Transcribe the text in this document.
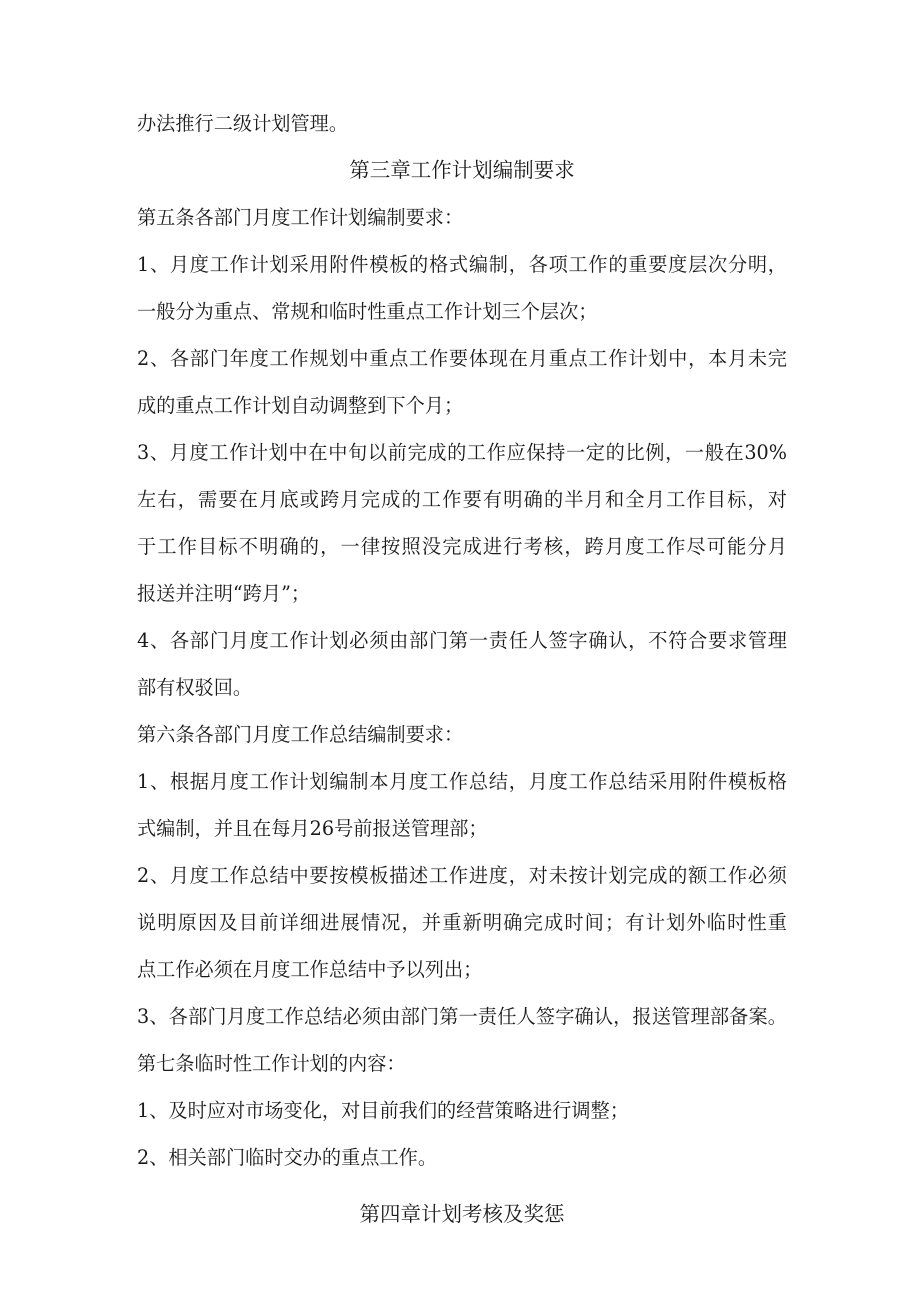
办法推行二级计划管理。
第三章工作计划编制要求
第五条各部门月度工作计划编制要求：
1、月度工作计划采用附件模板的格式编制，各项工作的重要度层次分明，
一般分为重点、常规和临时性重点工作计划三个层次；
2、各部门年度工作规划中重点工作要体现在月重点工作计划中，本月未完
成的重点工作计划自动调整到下个月；
3、月度工作计划中在中旬以前完成的工作应保持一定的比例，一般在30%
左右，需要在月底或跨月完成的工作要有明确的半月和全月工作目标，对
于工作目标不明确的，一律按照没完成进行考核，跨月度工作尽可能分月
报送并注明“跨月”；
4、各部门月度工作计划必须由部门第一责任人签字确认，不符合要求管理
部有权驳回。
第六条各部门月度工作总结编制要求：
1、根据月度工作计划编制本月度工作总结，月度工作总结采用附件模板格
式编制，并且在每月26号前报送管理部；
2、月度工作总结中要按模板描述工作进度，对未按计划完成的额工作必须
说明原因及目前详细进展情况，并重新明确完成时间；有计划外临时性重
点工作必须在月度工作总结中予以列出；
3、各部门月度工作总结必须由部门第一责任人签字确认，报送管理部备案。
第七条临时性工作计划的内容：
1、及时应对市场变化，对目前我们的经营策略进行调整；
2、相关部门临时交办的重点工作。
第四章计划考核及奖惩
